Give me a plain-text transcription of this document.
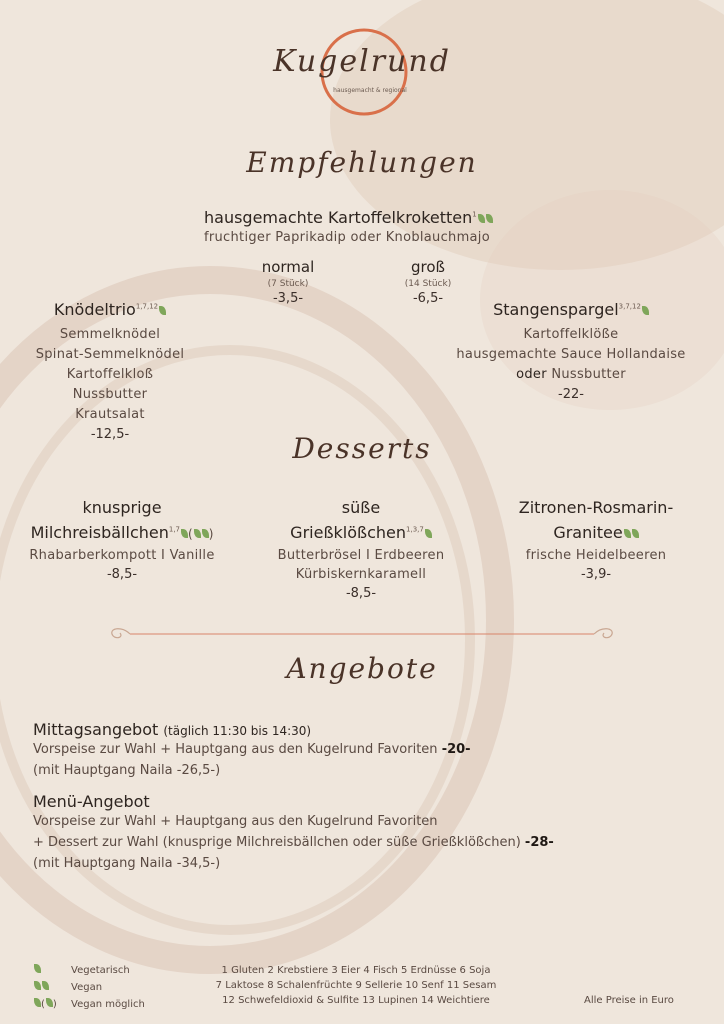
Kugelrund
hausgemacht & regional
Empfehlungen
hausgemachte Kartoffelkroketten$^1$
fruchtiger Paprikadip oder Knoblauchmajo
normal
(7 Stück)
-3,5-
groß
(14 Stück)
-6,5-
Knödeltrio$^{1,7,12}$
Semmelknödel
Spinat-Semmelknödel
Kartoffelkloß
Nussbutter
Krautsalat
-12,5-
Stangenspargel$^{3,7,12}$
Kartoffelklöße
hausgemachte Sauce Hollandaise
oder Nussbutter
-22-
Desserts
knusprige
Milchreisbällchen$^{1,7}$ ( )
Rhabarberkompott I Vanille
-8,5-
süße
Grießklößchen$^{1,3,7}$
Butterbrösel I Erdbeeren
Kürbiskernkaramell
-8,5-
Zitronen-Rosmarin-
Granitee
frische Heidelbeeren
-3,9-
Angebote
Mittagsangebot (täglich 11:30 bis 14:30)
Vorspeise zur Wahl + Hauptgang aus den Kugelrund Favoriten -20-
(mit Hauptgang Naila -26,5-)
Menü-Angebot
Vorspeise zur Wahl + Hauptgang aus den Kugelrund Favoriten
+ Dessert zur Wahl (knusprige Milchreisbällchen oder süße Grießklößchen) -28-
(mit Hauptgang Naila -34,5-)
Vegetarisch
Vegan
( ) Vegan möglich
1 Gluten 2 Krebstiere 3 Eier 4 Fisch 5 Erdnüsse 6 Soja
7 Laktose 8 Schalenfrüchte 9 Sellerie 10 Senf 11 Sesam
12 Schwefeldioxid & Sulfite 13 Lupinen 14 Weichtiere	Alle Preise in Euro
